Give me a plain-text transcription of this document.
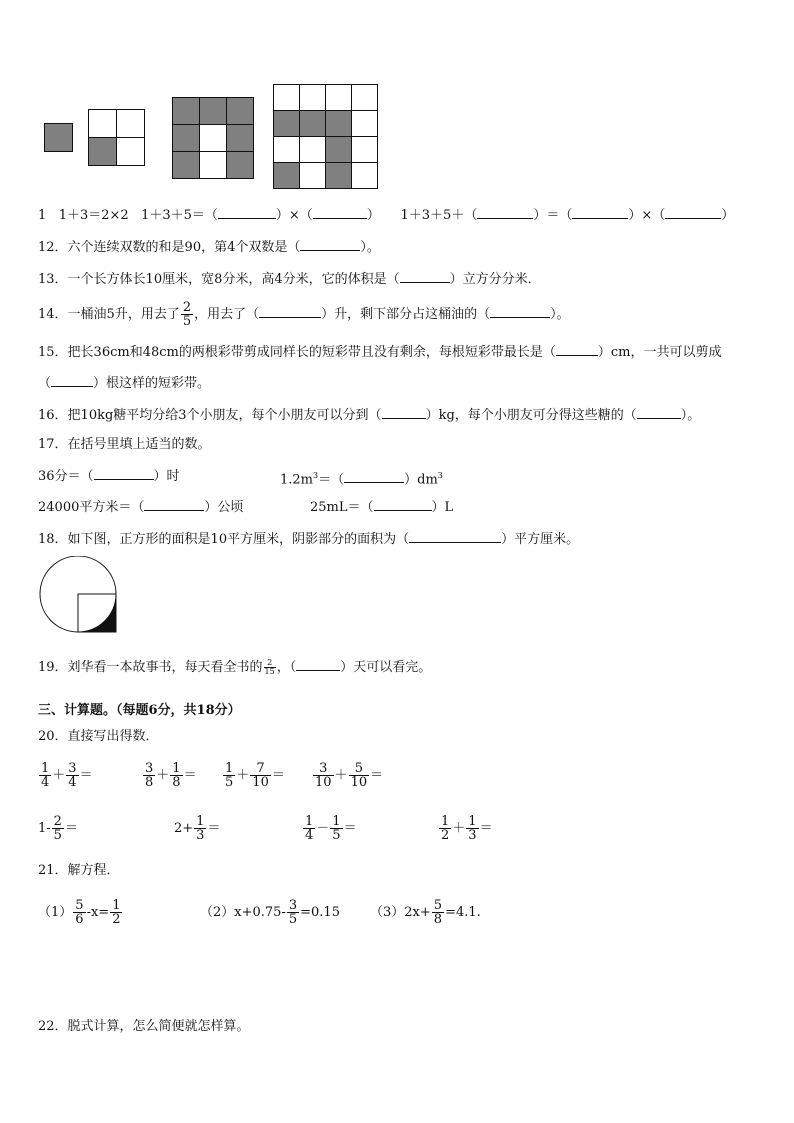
1 1＋3＝2×2 1＋3＋5＝（	）×（	） 1＋3＋5＋（	）＝（	）×（	）
12．六个连续双数的和是90，第4个双数是（	）。
13．一个长方体长10厘米，宽8分米，高4分米，它的体积是（	）立方分分米．
14．一桶油5升，用去了 $\frac{2}{5}$ ，用去了（	）升，剩下部分占这桶油的（	）。
15．把长36cm和48cm的两根彩带剪成同样长的短彩带且没有剩余，每根短彩带最长是（	）cm，一共可以剪成
（	）根这样的短彩带。
16．把10kg糖平均分给3个小朋友，每个小朋友可以分到（	）kg，每个小朋友可分得这些糖的（	）。
17．在括号里填上适当的数。
36分＝（	）时	$1.2m^3=$（	）$dm^3$
24000平方米＝（	）公顷	25mL＝（	）L
18．如下图，正方形的面积是10平方厘米，阴影部分的面积为（	）平方厘米。
19．刘华看一本故事书，每天看全书的 $\frac{2}{15}$ ，（	）天可以看完。
三、计算题。（每题6分，共18分）
20．直接写出得数．
$\frac{1}{4} + \frac{3}{4}$ ＝	$\frac{3}{8} + \frac{1}{8} = \frac{1}{5} + \frac{7}{10} = \frac{3}{10} + \frac{5}{10}$ ＝
$1- \frac{2}{5}$ ＝	$2+ \frac{1}{3}$ ＝	$\frac{1}{4} - \frac{1}{5}$ ＝	$\frac{1}{2} + \frac{1}{3}$ ＝
21．解方程．
$(1) \frac{5}{6} -x= \frac{1}{2}$	$(2)x+0.75- \frac{3}{5} =0.15$ $(3)2x+ \frac{5}{8} =4.1$.
22．脱式计算，怎么简便就怎样算。
